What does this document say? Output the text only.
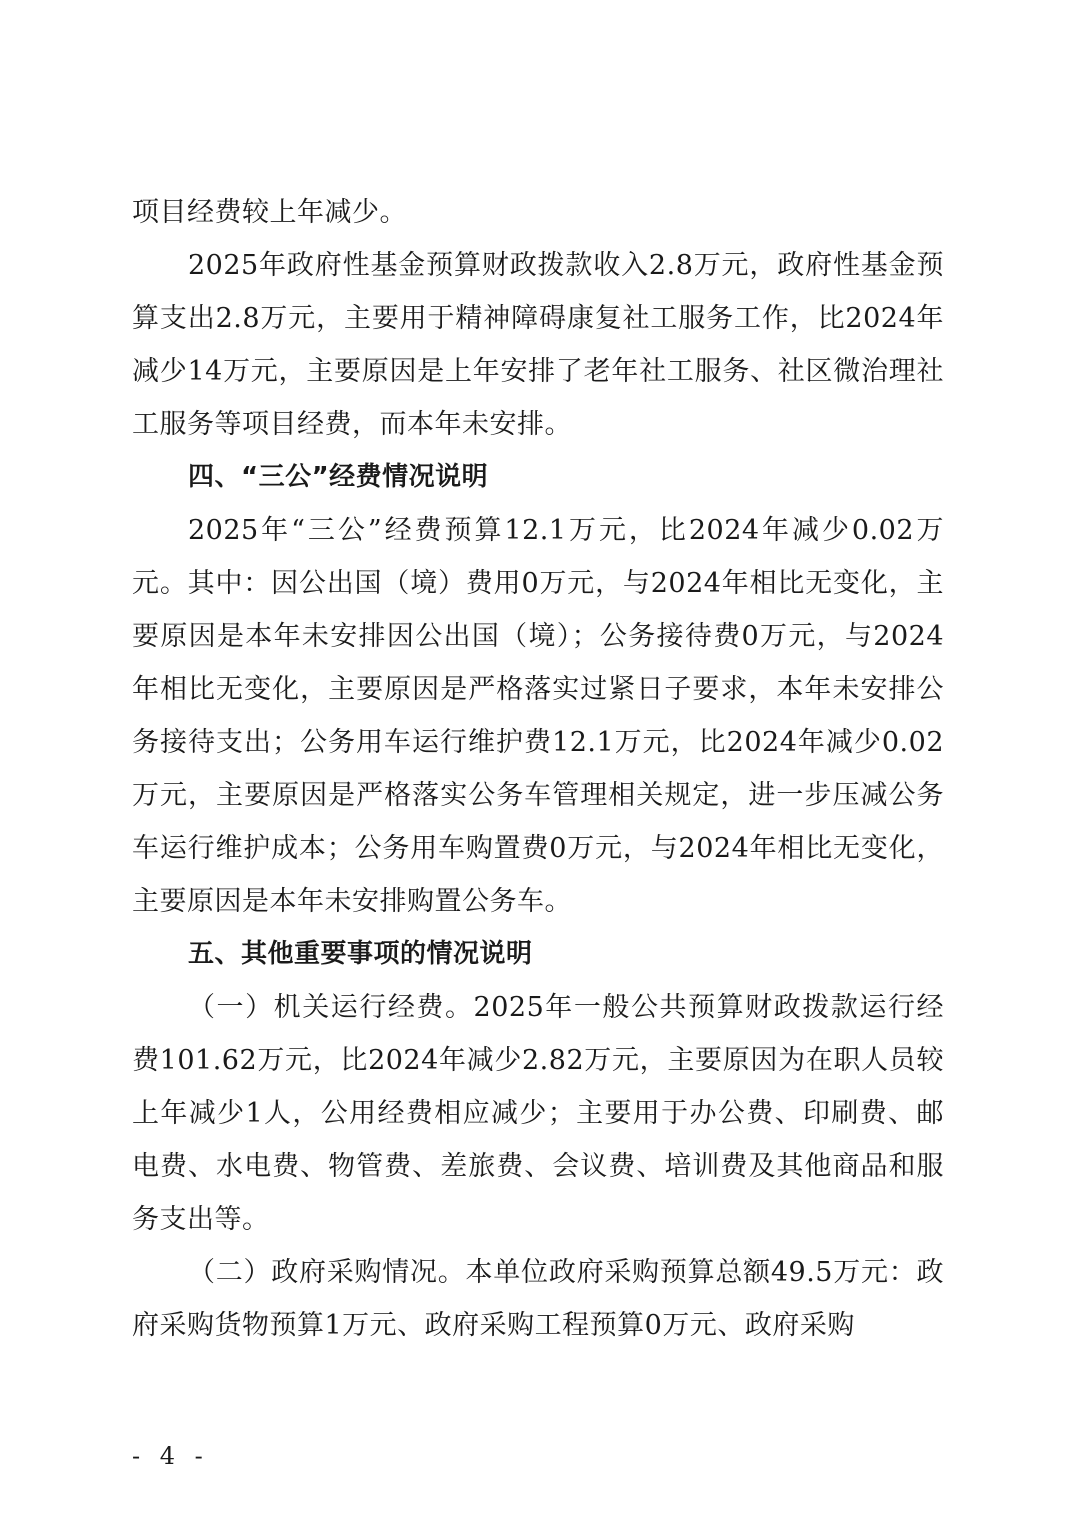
项目经费较上年减少。

2025年政府性基金预算财政拨款收入2.8万元，政府性基金预算支出2.8万元，主要用于精神障碍康复社工服务工作，比2024年减少14万元，主要原因是上年安排了老年社工服务、社区微治理社工服务等项目经费，而本年未安排。

四、“三公”经费情况说明

2025年“三公”经费预算12.1万元，比2024年减少0.02万元。其中：因公出国（境）费用0万元，与2024年相比无变化，主要原因是本年未安排因公出国（境）；公务接待费0万元，与2024年相比无变化，主要原因是严格落实过紧日子要求，本年未安排公务接待支出；公务用车运行维护费12.1万元，比2024年减少0.02万元，主要原因是严格落实公务车管理相关规定，进一步压减公务车运行维护成本；公务用车购置费0万元，与2024年相比无变化，主要原因是本年未安排购置公务车。

五、其他重要事项的情况说明

（一）机关运行经费。2025年一般公共预算财政拨款运行经费101.62万元，比2024年减少2.82万元，主要原因为在职人员较上年减少1人，公用经费相应减少；主要用于办公费、印刷费、邮电费、水电费、物管费、差旅费、会议费、培训费及其他商品和服务支出等。

（二）政府采购情况。本单位政府采购预算总额49.5万元：政府采购货物预算1万元、政府采购工程预算0万元、政府采购

- 4 -
